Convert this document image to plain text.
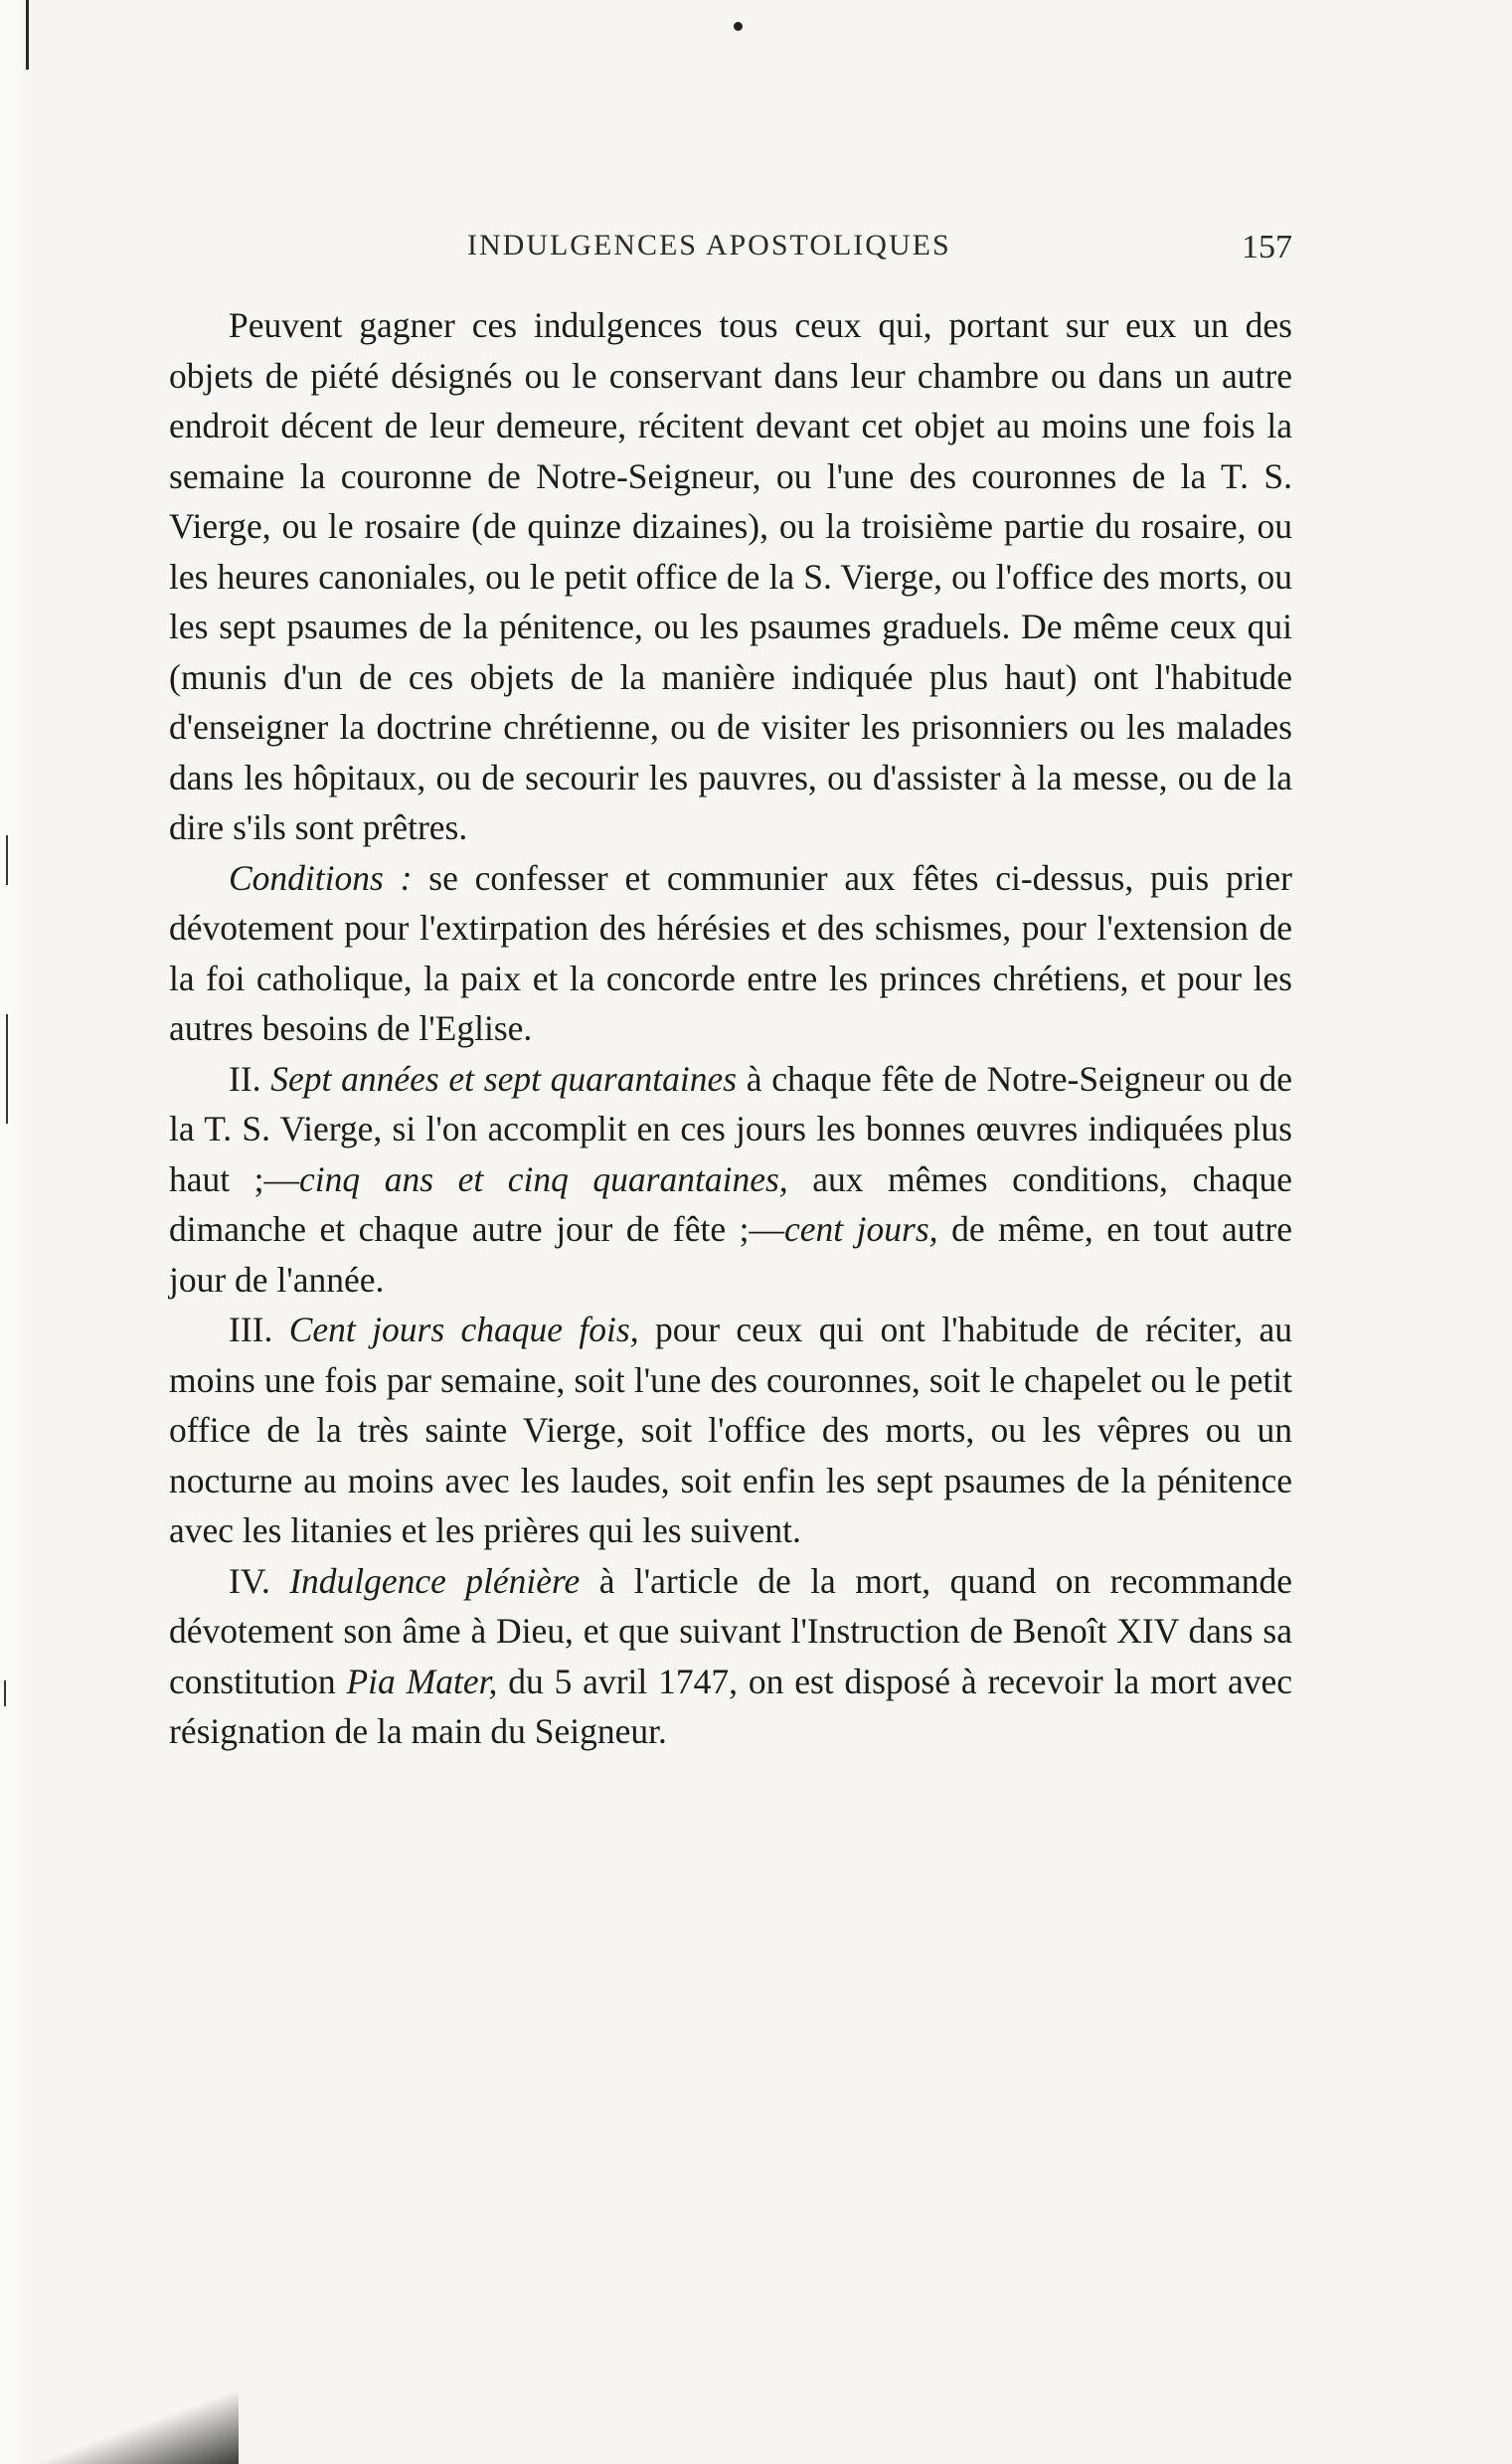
INDULGENCES APOSTOLIQUES	157

Peuvent gagner ces indulgences tous ceux qui, portant sur eux un des objets de piété désignés ou le conservant dans leur chambre ou dans un autre endroit décent de leur demeure, récitent devant cet objet au moins une fois la semaine la couronne de Notre-Seigneur, ou l'une des couronnes de la T. S. Vierge, ou le rosaire (de quinze dizaines), ou la troisième partie du rosaire, ou les heures canoniales, ou le petit office de la S. Vierge, ou l'office des morts, ou les sept psaumes de la pénitence, ou les psaumes graduels. De même ceux qui (munis d'un de ces objets de la manière indiquée plus haut) ont l'habitude d'enseigner la doctrine chrétienne, ou de visiter les prisonniers ou les malades dans les hôpitaux, ou de secourir les pauvres, ou d'assister à la messe, ou de la dire s'ils sont prêtres.

Conditions : se confesser et communier aux fêtes ci-dessus, puis prier dévotement pour l'extirpation des hérésies et des schismes, pour l'extension de la foi catholique, la paix et la concorde entre les princes chrétiens, et pour les autres besoins de l'Eglise.

II. Sept années et sept quarantaines à chaque fête de Notre-Seigneur ou de la T. S. Vierge, si l'on accomplit en ces jours les bonnes œuvres indiquées plus haut ;—cinq ans et cinq quarantaines, aux mêmes conditions, chaque dimanche et chaque autre jour de fête ;—cent jours, de même, en tout autre jour de l'année.

III. Cent jours chaque fois, pour ceux qui ont l'habitude de réciter, au moins une fois par semaine, soit l'une des couronnes, soit le chapelet ou le petit office de la très sainte Vierge, soit l'office des morts, ou les vêpres ou un nocturne au moins avec les laudes, soit enfin les sept psaumes de la pénitence avec les litanies et les prières qui les suivent.

IV. Indulgence plénière à l'article de la mort, quand on recommande dévotement son âme à Dieu, et que suivant l'Instruction de Benoît XIV dans sa constitution Pia Mater, du 5 avril 1747, on est disposé à recevoir la mort avec résignation de la main du Seigneur.
